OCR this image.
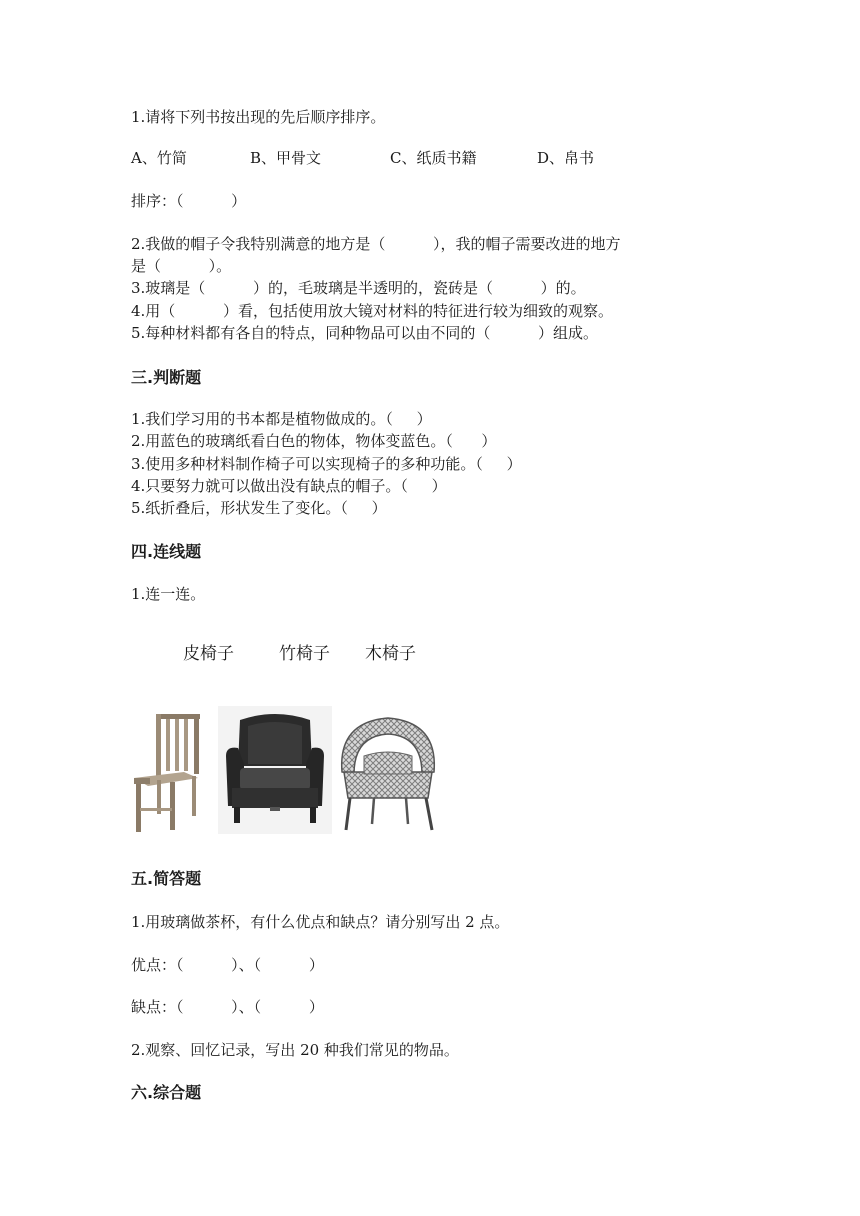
1.请将下列书按出现的先后顺序排序。
A、竹简	B、甲骨文	C、纸质书籍	D、帛书
排序：（          ）
2.我做的帽子令我特别满意的地方是（          ），我的帽子需要改进的地方
是（          ）。
3.玻璃是（          ）的，毛玻璃是半透明的，瓷砖是（          ）的。
4.用（          ）看，包括使用放大镜对材料的特征进行较为细致的观察。
5.每种材料都有各自的特点，同种物品可以由不同的（          ）组成。
三.判断题
1.我们学习用的书本都是植物做成的。（     ）
2.用蓝色的玻璃纸看白色的物体，物体变蓝色。（      ）
3.使用多种材料制作椅子可以实现椅子的多种功能。（     ）
4.只要努力就可以做出没有缺点的帽子。（     ）
5.纸折叠后，形状发生了变化。（     ）
四.连线题
1.连一连。
皮椅子	竹椅子 木椅子
五.简答题
1.用玻璃做茶杯，有什么优点和缺点？请分别写出 2 点。
优点：（          ）、（          ）
缺点：（          ）、（          ）
2.观察、回忆记录，写出 20 种我们常见的物品。
六.综合题
